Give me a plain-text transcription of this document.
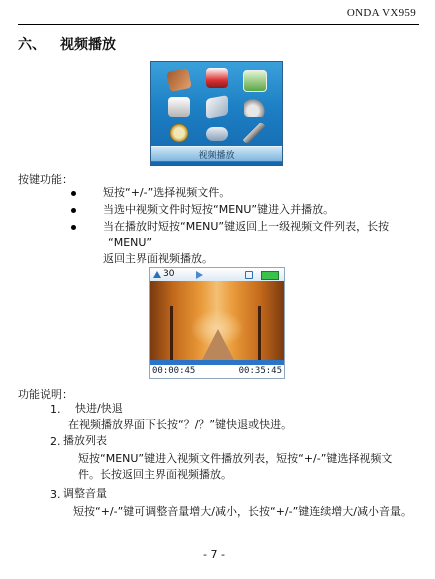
ONDA VX959
六、 视频播放
视频播放
按键功能：
短按“+/-”选择视频文件。
当选中视频文件时短按“MENU”键进入并播放。
当在播放时短按“MENU”键返回上一级视频文件列表，长按
“MENU”
返回主界面视频播放。
30
00:00:45	00:35:45
功能说明：
1. 快进/快退
在视频播放界面下长按“？/？”键快退或快进。
2. 播放列表
短按“MENU”键进入视频文件播放列表，短按“+/-”键选择视频文
件。长按返回主界面视频播放。
3. 调整音量
短按“+/-”键可调整音量增大/减小，长按“+/-”键连续增大/减小音量。
- 7 -
